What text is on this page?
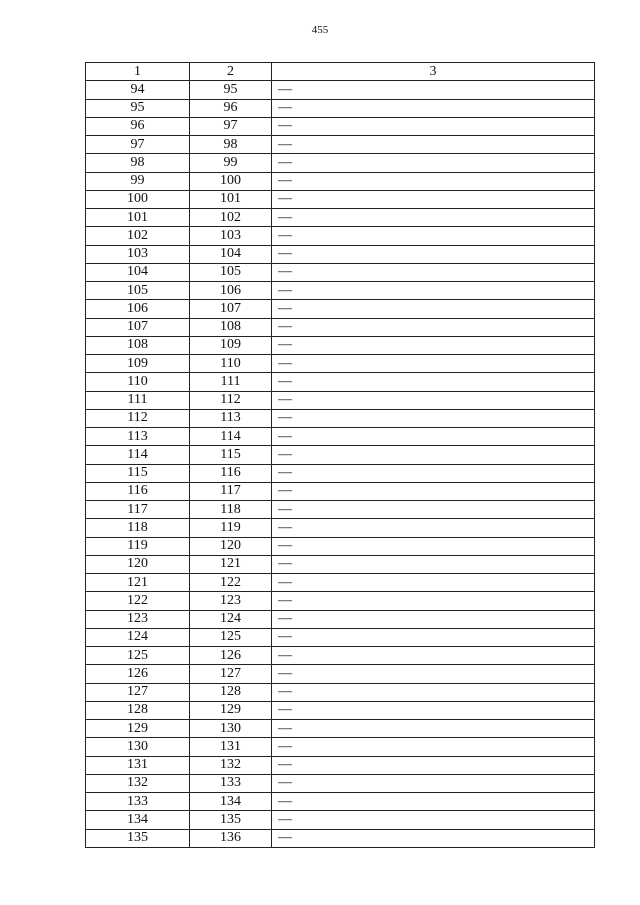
455
1	2	3
94	95	—
95	96	—
96	97	—
97	98	—
98	99	—
99	100	—
100	101	—
101	102	—
102	103	—
103	104	—
104	105	—
105	106	—
106	107	—
107	108	—
108	109	—
109	110	—
110	111	—
111	112	—
112	113	—
113	114	—
114	115	—
115	116	—
116	117	—
117	118	—
118	119	—
119	120	—
120	121	—
121	122	—
122	123	—
123	124	—
124	125	—
125	126	—
126	127	—
127	128	—
128	129	—
129	130	—
130	131	—
131	132	—
132	133	—
133	134	—
134	135	—
135	136	—
